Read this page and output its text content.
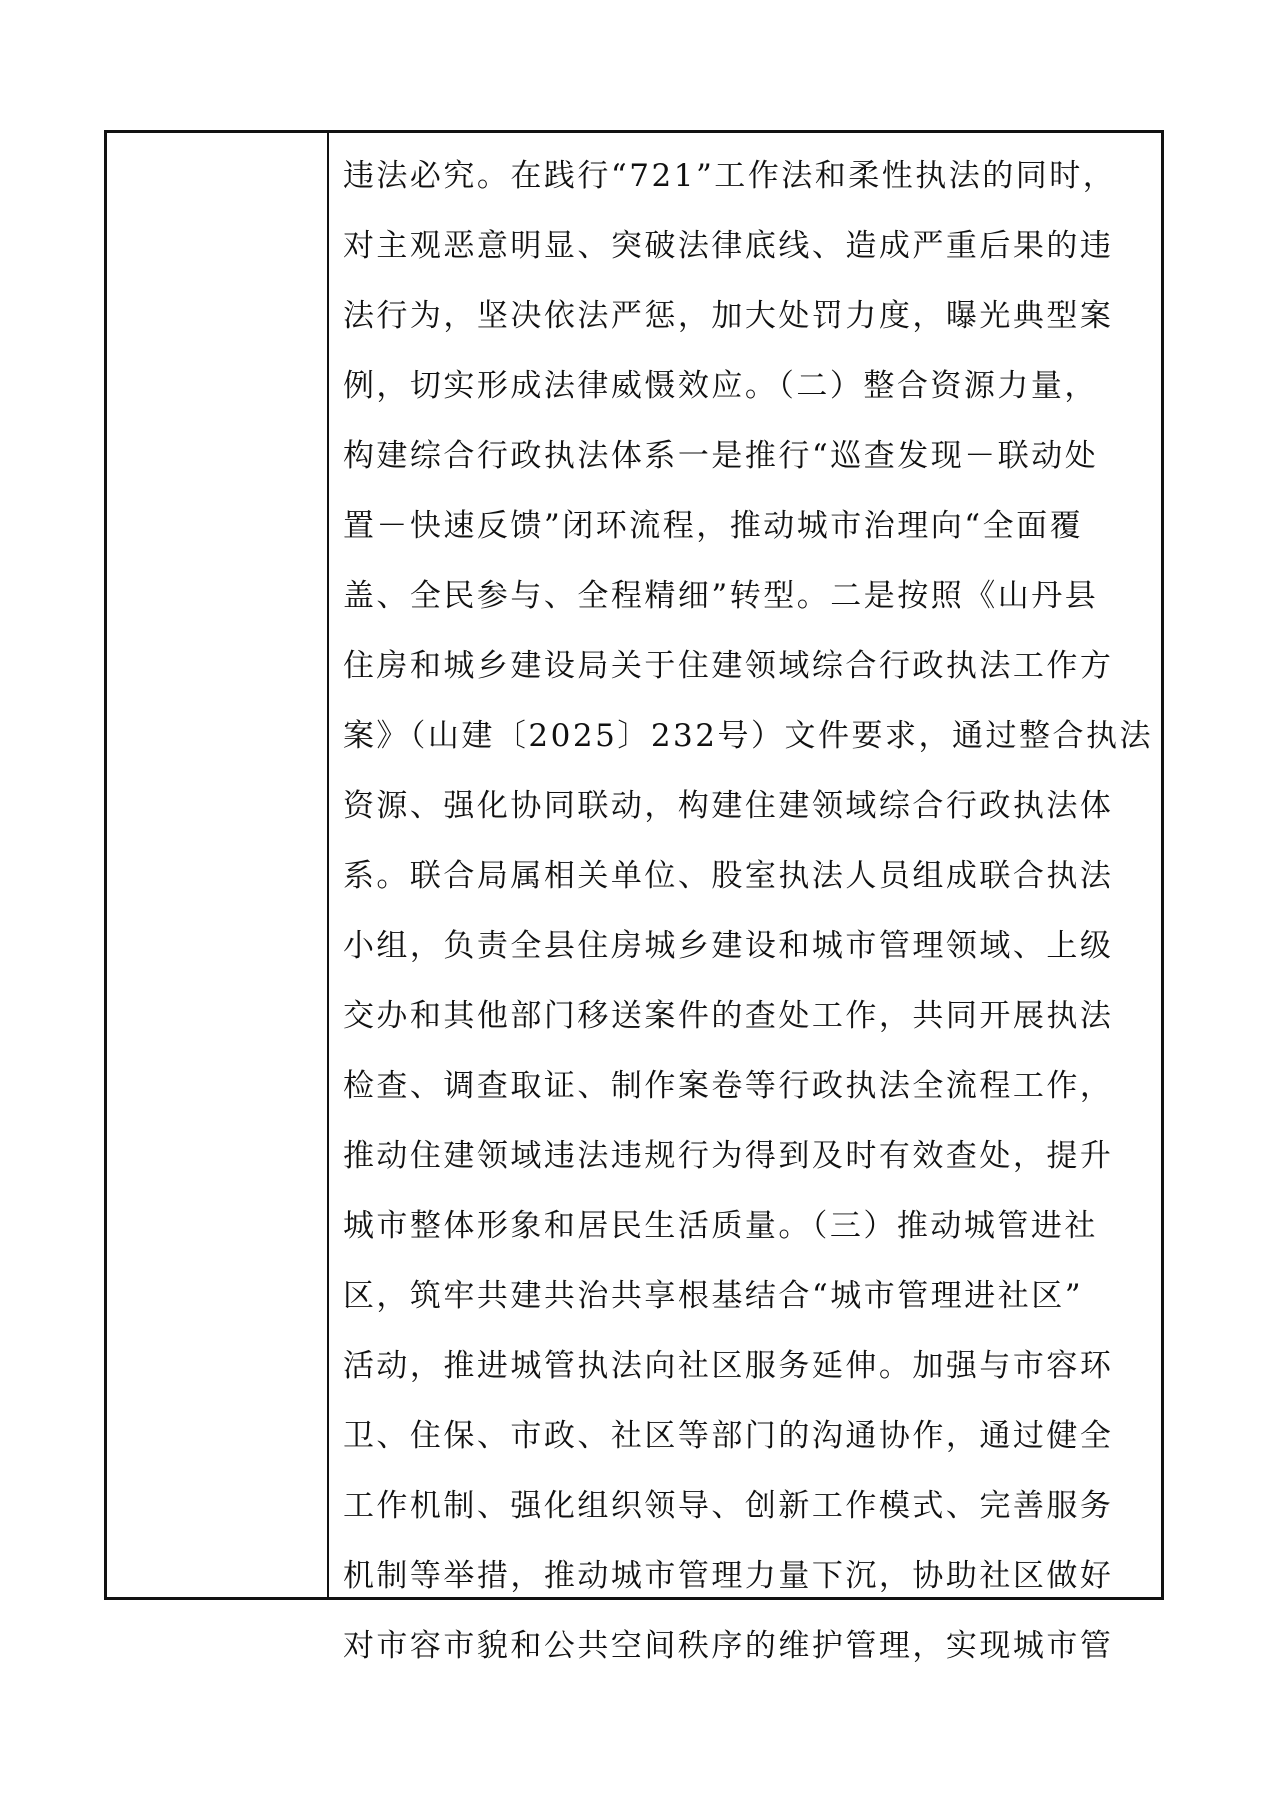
违法必究。在践行“721”工作法和柔性执法的同时，
对主观恶意明显、突破法律底线、造成严重后果的违
法行为，坚决依法严惩，加大处罚力度，曝光典型案
例，切实形成法律威慑效应。（二）整合资源力量，
构建综合行政执法体系一是推行“巡查发现－联动处
置－快速反馈”闭环流程，推动城市治理向“全面覆
盖、全民参与、全程精细”转型。二是按照《山丹县
住房和城乡建设局关于住建领域综合行政执法工作方
案》（山建〔2025〕232号）文件要求，通过整合执法
资源、强化协同联动，构建住建领域综合行政执法体
系。联合局属相关单位、股室执法人员组成联合执法
小组，负责全县住房城乡建设和城市管理领域、上级
交办和其他部门移送案件的查处工作，共同开展执法
检查、调查取证、制作案卷等行政执法全流程工作，
推动住建领域违法违规行为得到及时有效查处，提升
城市整体形象和居民生活质量。（三）推动城管进社
区，筑牢共建共治共享根基结合“城市管理进社区”
活动，推进城管执法向社区服务延伸。加强与市容环
卫、住保、市政、社区等部门的沟通协作，通过健全
工作机制、强化组织领导、创新工作模式、完善服务
机制等举措，推动城市管理力量下沉，协助社区做好
对市容市貌和公共空间秩序的维护管理，实现城市管
